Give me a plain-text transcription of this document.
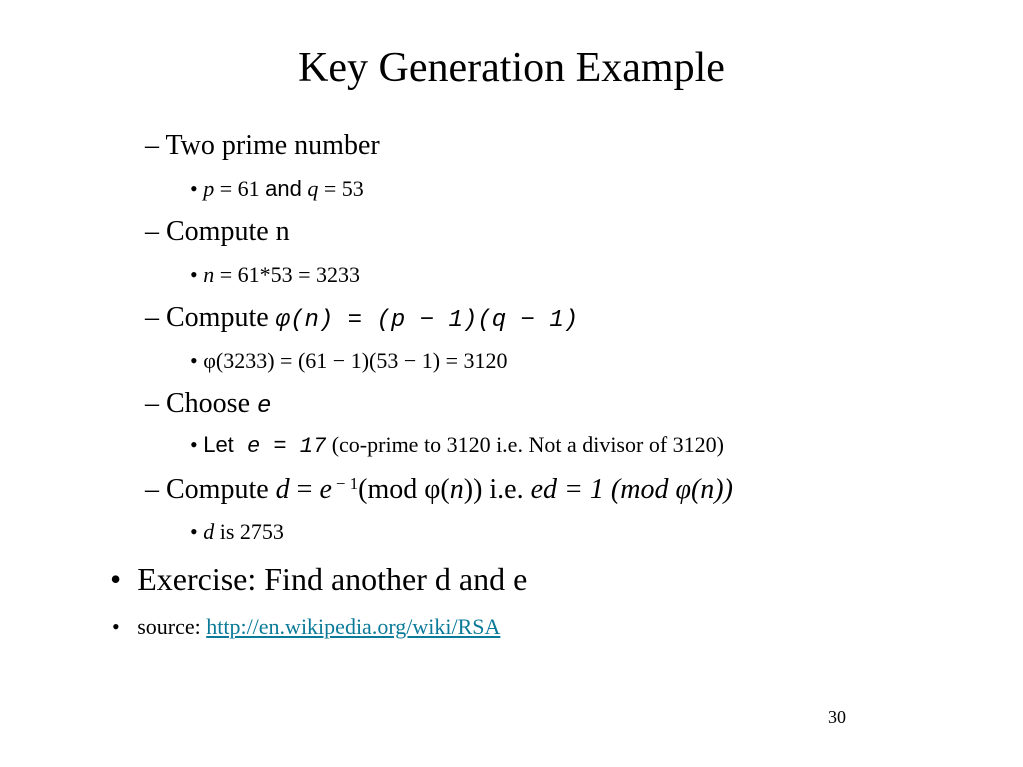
Key Generation Example
– Two prime number
• p = 61 and q = 53
– Compute n
• n = 61*53 = 3233
– Compute φ(n) = (p − 1)(q − 1)
• φ(3233) = (61 − 1)(53 − 1) = 3120
– Choose e
• Let e = 17 (co-prime to 3120 i.e. Not a divisor of 3120)
– Compute d = e $^{- 1}$(mod φ(n)) i.e. ed = 1 (mod φ(n))
• d is 2753
• Exercise: Find another d and e
• source: http://en.wikipedia.org/wiki/RSA
30
